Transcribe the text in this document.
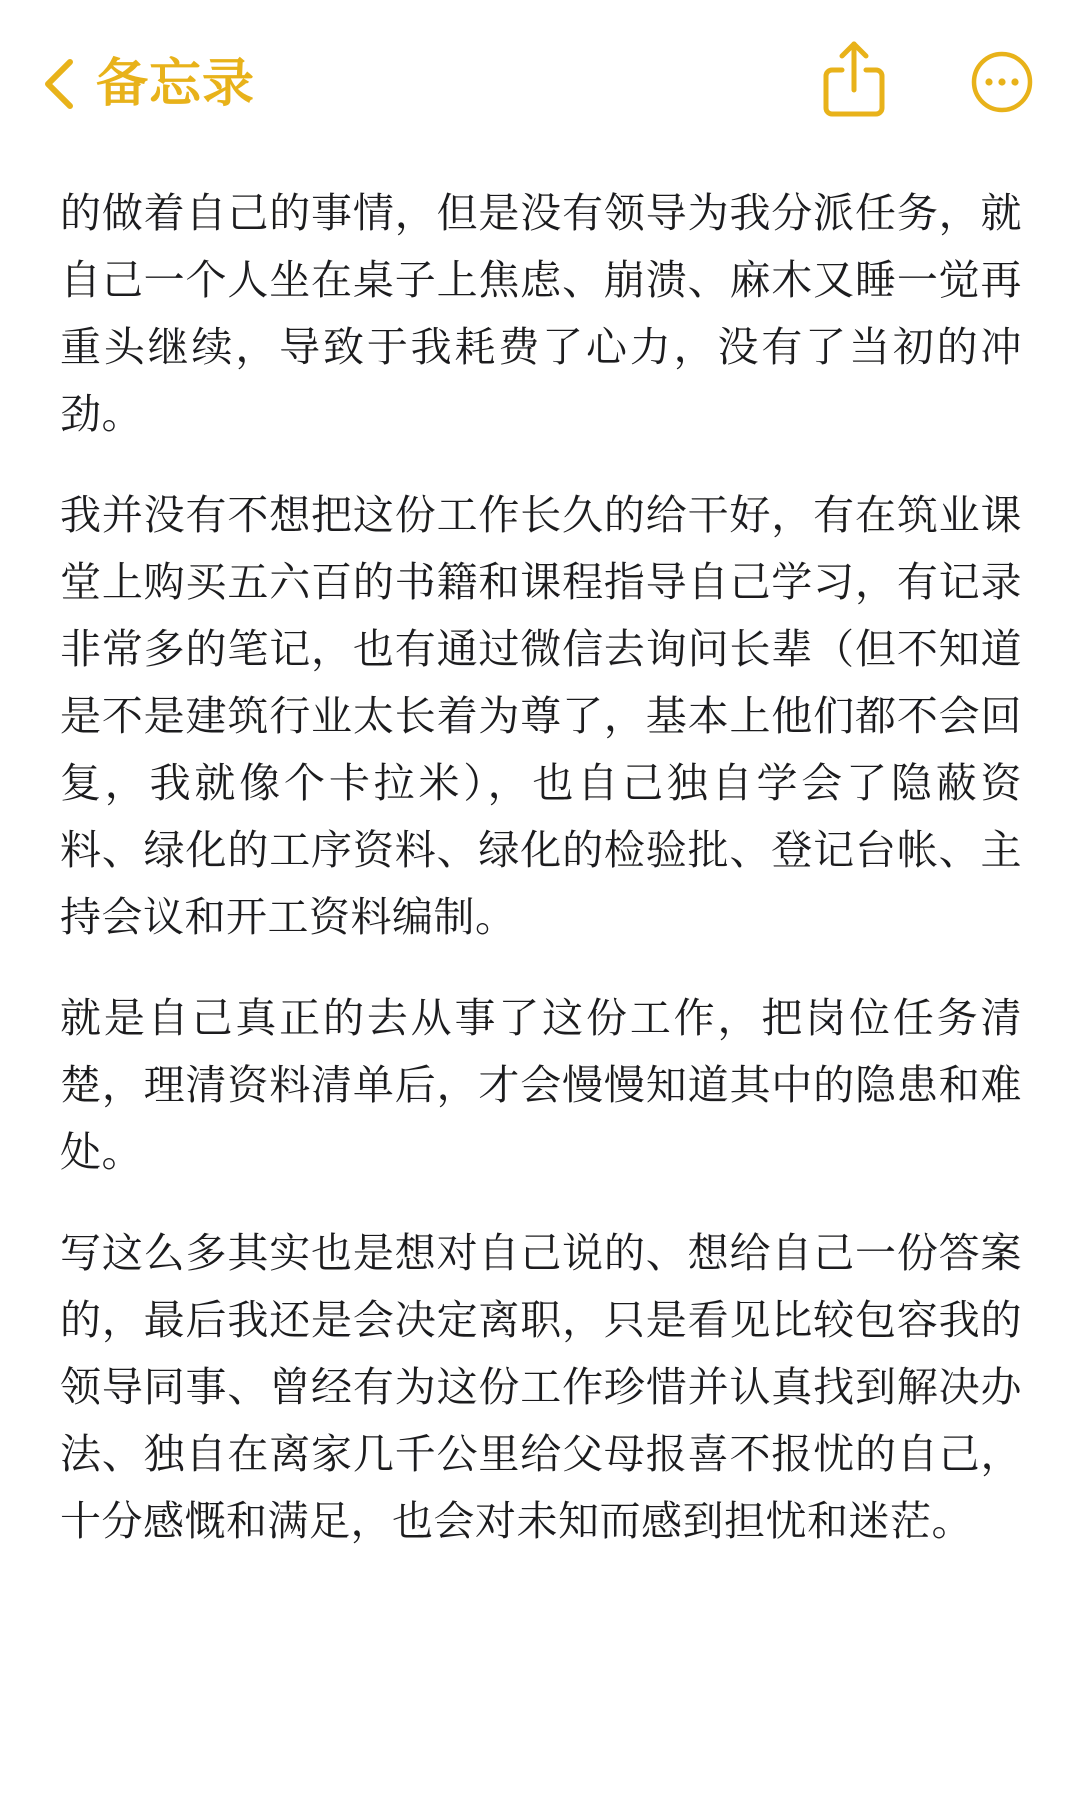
备忘录

的做着自己的事情，但是没有领导为我分派任务，就自己一个人坐在桌子上焦虑、崩溃、麻木又睡一觉再重头继续，导致于我耗费了心力，没有了当初的冲劲。

我并没有不想把这份工作长久的给干好，有在筑业课堂上购买五六百的书籍和课程指导自己学习，有记录非常多的笔记，也有通过微信去询问长辈（但不知道是不是建筑行业太长着为尊了，基本上他们都不会回复，我就像个卡拉米），也自己独自学会了隐蔽资料、绿化的工序资料、绿化的检验批、登记台帐、主持会议和开工资料编制。

就是自己真正的去从事了这份工作，把岗位任务清楚，理清资料清单后，才会慢慢知道其中的隐患和难处。

写这么多其实也是想对自己说的、想给自己一份答案的，最后我还是会决定离职，只是看见比较包容我的领导同事、曾经有为这份工作珍惜并认真找到解决办法、独自在离家几千公里给父母报喜不报忧的自己，十分感慨和满足，也会对未知而感到担忧和迷茫。
